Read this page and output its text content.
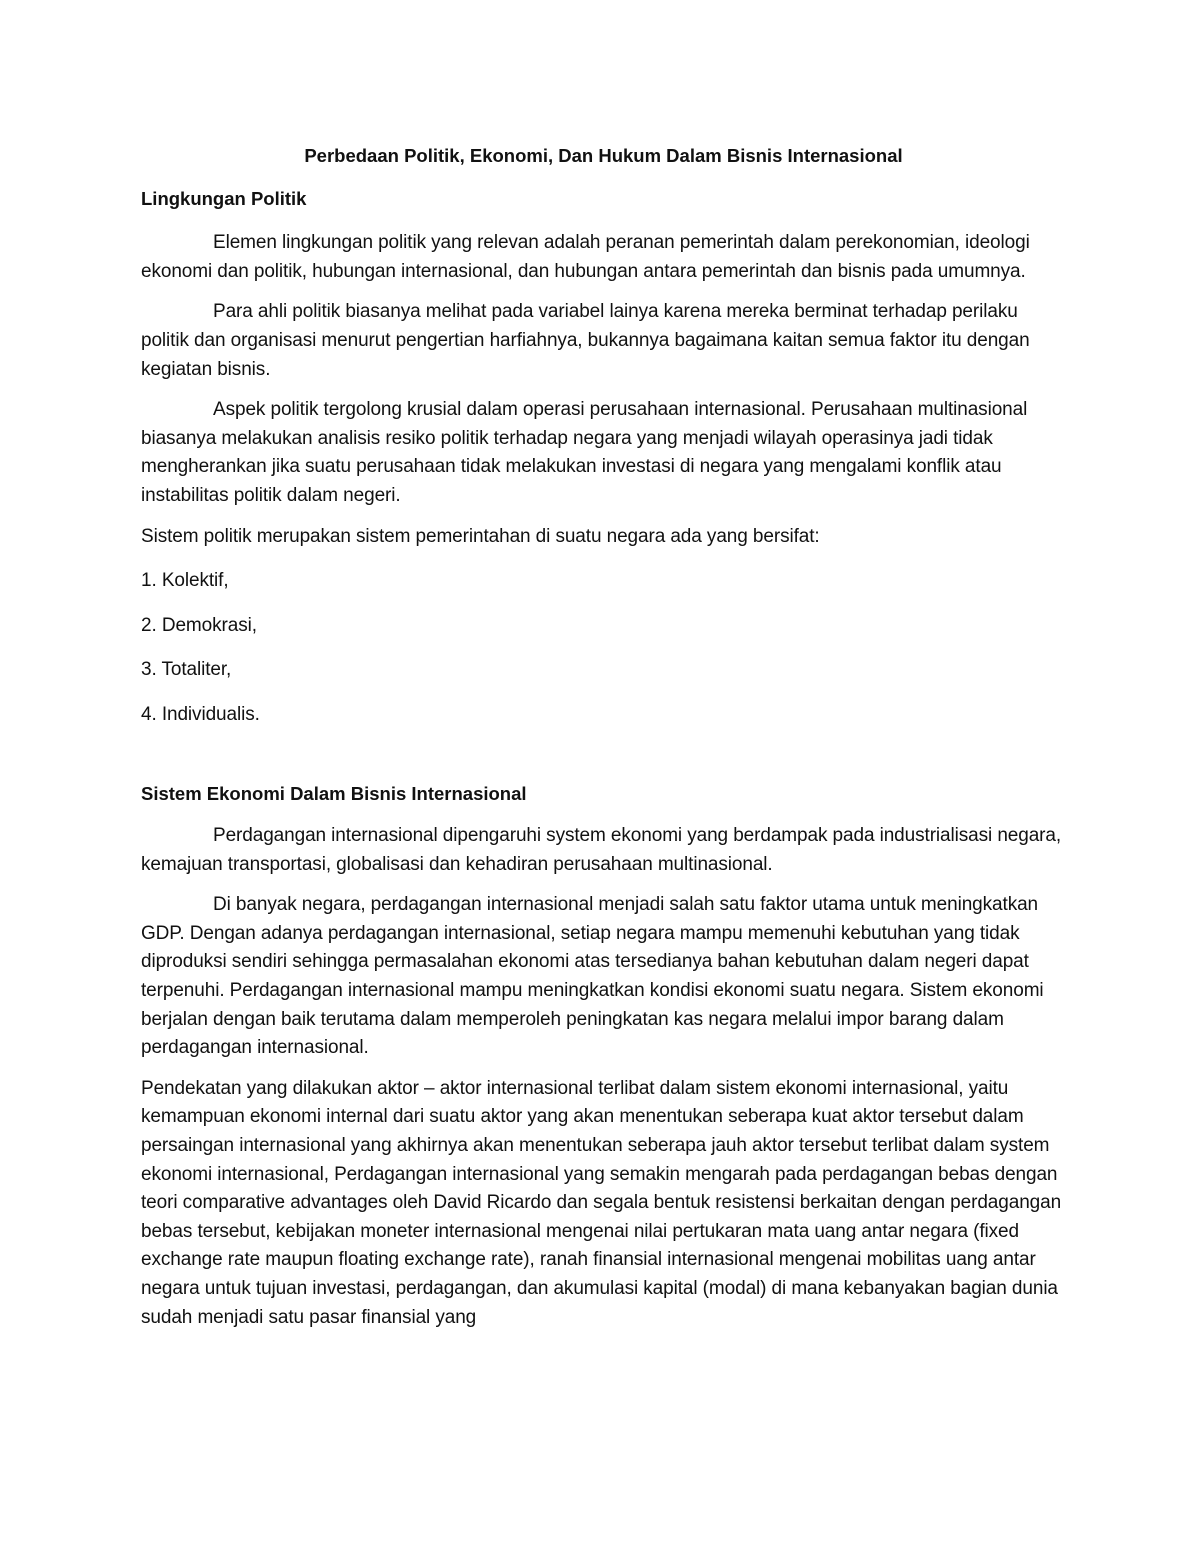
Perbedaan Politik, Ekonomi, Dan Hukum Dalam Bisnis Internasional
Lingkungan Politik

Elemen lingkungan politik yang relevan adalah peranan pemerintah dalam perekonomian, ideologi ekonomi dan politik, hubungan internasional, dan hubungan antara pemerintah dan bisnis pada umumnya.

Para ahli politik biasanya melihat pada variabel lainya karena mereka berminat terhadap perilaku politik dan organisasi menurut pengertian harfiahnya, bukannya bagaimana kaitan semua faktor itu dengan kegiatan bisnis.

Aspek politik tergolong krusial dalam operasi perusahaan internasional. Perusahaan multinasional biasanya melakukan analisis resiko politik terhadap negara yang menjadi wilayah operasinya jadi tidak mengherankan jika suatu perusahaan tidak melakukan investasi di negara yang mengalami konflik atau instabilitas politik dalam negeri.

Sistem politik merupakan sistem pemerintahan di suatu negara ada yang bersifat:

1. Kolektif,

2. Demokrasi,

3. Totaliter,

4. Individualis.

Sistem Ekonomi Dalam Bisnis Internasional

Perdagangan internasional dipengaruhi system ekonomi yang berdampak pada industrialisasi negara, kemajuan transportasi, globalisasi dan kehadiran perusahaan multinasional.

Di banyak negara, perdagangan internasional menjadi salah satu faktor utama untuk meningkatkan GDP. Dengan adanya perdagangan internasional, setiap negara mampu memenuhi kebutuhan yang tidak diproduksi sendiri sehingga permasalahan ekonomi atas tersedianya bahan kebutuhan dalam negeri dapat terpenuhi. Perdagangan internasional mampu meningkatkan kondisi ekonomi suatu negara. Sistem ekonomi berjalan dengan baik terutama dalam memperoleh peningkatan kas negara melalui impor barang dalam perdagangan internasional.

Pendekatan yang dilakukan aktor – aktor internasional terlibat dalam sistem ekonomi internasional, yaitu kemampuan ekonomi internal dari suatu aktor yang akan menentukan seberapa kuat aktor tersebut dalam persaingan internasional yang akhirnya akan menentukan seberapa jauh aktor tersebut terlibat dalam system ekonomi internasional, Perdagangan internasional yang semakin mengarah pada perdagangan bebas dengan teori comparative advantages oleh David Ricardo dan segala bentuk resistensi berkaitan dengan perdagangan bebas tersebut, kebijakan moneter internasional mengenai nilai pertukaran mata uang antar negara (fixed exchange rate maupun floating exchange rate), ranah finansial internasional mengenai mobilitas uang antar negara untuk tujuan investasi, perdagangan, dan akumulasi kapital (modal) di mana kebanyakan bagian dunia sudah menjadi satu pasar finansial yang
